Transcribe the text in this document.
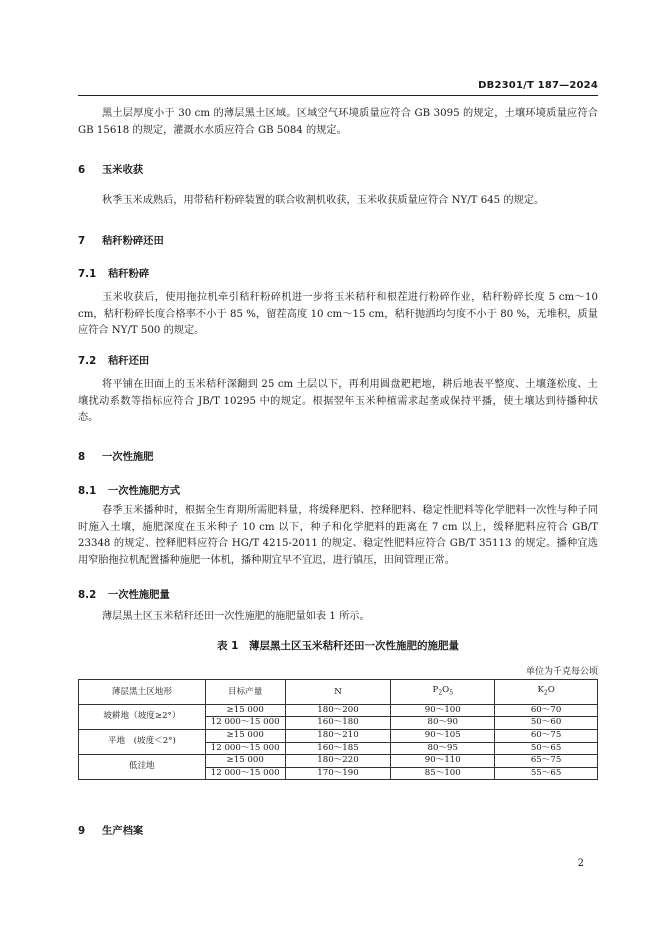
DB2301/T 187—2024

黑土层厚度小于 30 cm 的薄层黑土区域。区域空气环境质量应符合 GB 3095 的规定，土壤环境质量应符合 GB 15618 的规定，灌溉水水质应符合 GB 5084 的规定。

6 玉米收获

秋季玉米成熟后，用带秸秆粉碎装置的联合收割机收获，玉米收获质量应符合 NY/T 645 的规定。

7 秸秆粉碎还田
7.1 秸秆粉碎

玉米收获后，使用拖拉机牵引秸秆粉碎机进一步将玉米秸秆和根茬进行粉碎作业，秸秆粉碎长度 5 cm～10 cm，秸秆粉碎长度合格率不小于 85 %，留茬高度 10 cm～15 cm，秸秆抛洒均匀度不小于 80 %，无堆积，质量应符合 NY/T 500 的规定。

7.2 秸秆还田

将平铺在田面上的玉米秸秆深翻到 25 cm 土层以下，再利用圆盘耙耙地，耕后地表平整度、土壤蓬松度、土壤扰动系数等指标应符合 JB/T 10295 中的规定。根据翌年玉米种植需求起垄或保持平播，使土壤达到待播种状态。

8 一次性施肥
8.1 一次性施肥方式

春季玉米播种时，根据全生育期所需肥料量，将缓释肥料、控释肥料、稳定性肥料等化学肥料一次性与种子同时施入土壤，施肥深度在玉米种子 10 cm 以下，种子和化学肥料的距离在 7 cm 以上，缓释肥料应符合 GB/T 23348 的规定、控释肥料应符合 HG/T 4215-2011 的规定、稳定性肥料应符合 GB/T 35113 的规定。播种宜选用窄胎拖拉机配置播种施肥一体机，播种期宜早不宜迟，进行镇压，田间管理正常。

8.2 一次性施肥量

薄层黑土区玉米秸秆还田一次性施肥的施肥量如表 1 所示。

表 1　薄层黑土区玉米秸秆还田一次性施肥的施肥量
单位为千克每公顷
薄层黑土区地形	目标产量	N	$P_2O_5$	$K_2O$
坡耕地（坡度≥2°）	≥15 000	180～200	90～100	60～70
	12 000～15 000	160～180	80～90	50～60
平地　(坡度＜2°)	≥15 000	180～210	90～105	60～75
	12 000～15 000	160～185	80～95	50～65
低洼地	≥15 000	180～220	90～110	65～75
	12 000～15 000	170～190	85～100	55～65
9 生产档案
2
